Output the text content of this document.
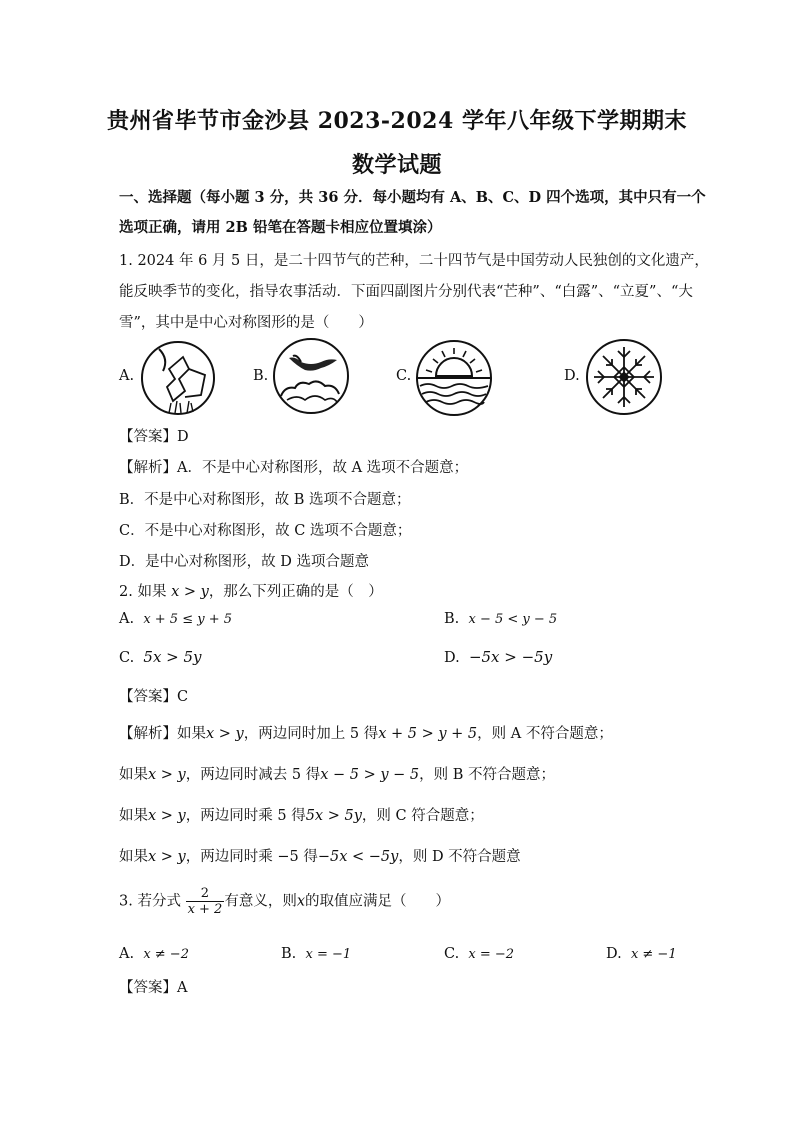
贵州省毕节市金沙县 2023-2024 学年八年级下学期期末
数学试题
一、选择题（每小题 3 分，共 36 分．每小题均有 A、B、C、D 四个选项，其中只有一个
选项正确，请用 2B 铅笔在答题卡相应位置填涂）
1. 2024 年 6 月 5 日，是二十四节气的芒种，二十四节气是中国劳动人民独创的文化遗产，
能反映季节的变化，指导农事活动．下面四副图片分别代表“芒种”、“白露”、“立夏”、“大
雪”，其中是中心对称图形的是（　　）
A.	B.	C.	D.
【答案】D
【解析】A．不是中心对称图形，故 A 选项不合题意；
B．不是中心对称图形，故 B 选项不合题意；
C．不是中心对称图形，故 C 选项不合题意；
D．是中心对称图形，故 D 选项合题意
2. 如果 x > y，那么下列正确的是（　）
A. x + 5 ≤ y + 5	B. x − 5 < y − 5
C. 5x > 5y	D. −5x > −5y
【答案】C
【解析】如果x > y，两边同时加上 5 得x + 5 > y + 5，则 A 不符合题意；
如果x > y，两边同时减去 5 得x − 5 > y − 5，则 B 不符合题意；
如果x > y，两边同时乘 5 得5x > 5y，则 C 符合题意；
如果x > y，两边同时乘 −5 得−5x < −5y，则 D 不符合题意
3. 若分式 $\frac{2}{x + 2}$ 有意义，则x的取值应满足（　　）
A. x ≠ −2	B. x = −1	C. x = −2	D. x ≠ −1
【答案】A
